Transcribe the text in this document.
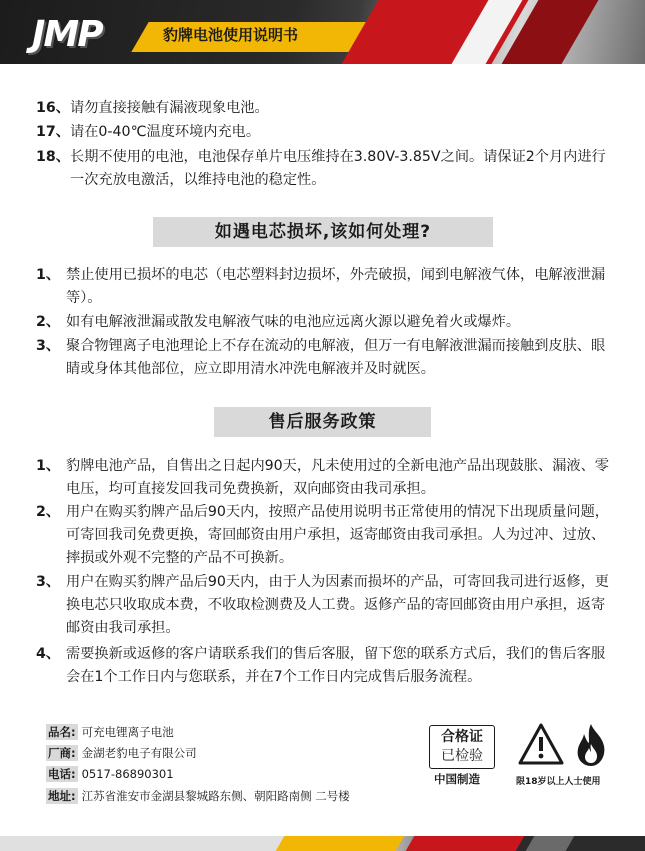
JMP	豹牌电池使用说明书
16、 请勿直接接触有漏液现象电池。
17、 请在0-40℃温度环境内充电。
18、 长期不使用的电池，电池保存单片电压维持在3.80V-3.85V之间。请保证2个月内进行一次充放电激活，以维持电池的稳定性。
如遇电芯损坏,该如何处理?
1、 禁止使用已损坏的电芯（电芯塑料封边损坏，外壳破损，闻到电解液气体，电解液泄漏等）。
2、 如有电解液泄漏或散发电解液气味的电池应远离火源以避免着火或爆炸。
3、 聚合物锂离子电池理论上不存在流动的电解液，但万一有电解液泄漏而接触到皮肤、眼睛或身体其他部位，应立即用清水冲洗电解液并及时就医。
售后服务政策
1、 豹牌电池产品，自售出之日起内90天，凡未使用过的全新电池产品出现鼓胀、漏液、零电压，均可直接发回我司免费换新，双向邮资由我司承担。
2、 用户在购买豹牌产品后90天内，按照产品使用说明书正常使用的情况下出现质量问题，可寄回我司免费更换，寄回邮资由用户承担，返寄邮资由我司承担。人为过冲、过放、摔损或外观不完整的产品不可换新。
3、 用户在购买豹牌产品后90天内，由于人为因素而损坏的产品，可寄回我司进行返修，更换电芯只收取成本费，不收取检测费及人工费。返修产品的寄回邮资由用户承担，返寄邮资由我司承担。
4、 需要换新或返修的客户请联系我们的售后客服，留下您的联系方式后，我们的售后客服会在1个工作日内与您联系，并在7个工作日内完成售后服务流程。
品名: 可充电锂离子电池
厂商: 金湖老豹电子有限公司
电话: 0517-86890301
地址: 江苏省淮安市金湖县黎城路东侧、朝阳路南侧 二号楼
合格证
已检验
中国制造	限18岁以上人士使用
